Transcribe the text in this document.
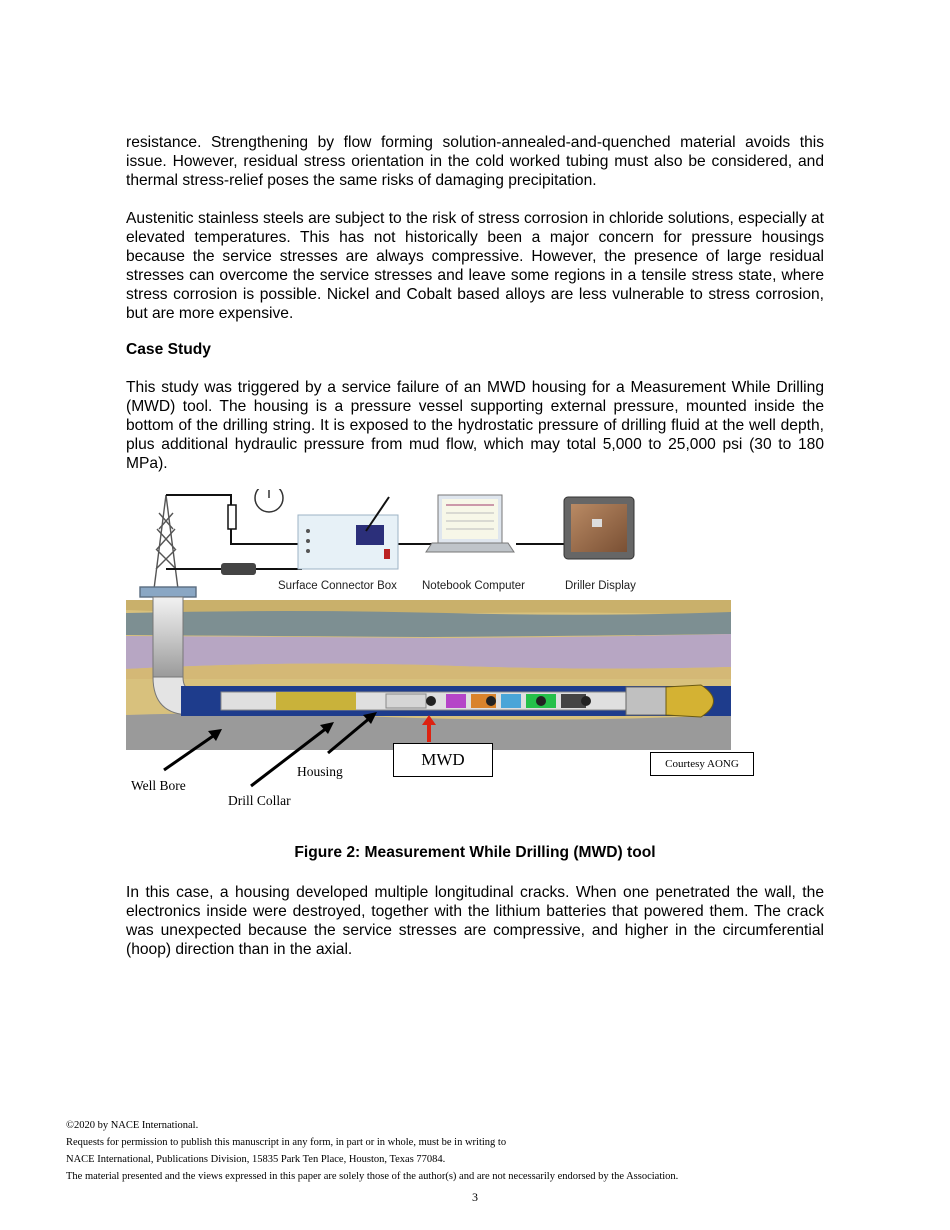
resistance. Strengthening by flow forming solution-annealed-and-quenched material avoids this issue. However, residual stress orientation in the cold worked tubing must also be considered, and thermal stress-relief poses the same risks of damaging precipitation.

Austenitic stainless steels are subject to the risk of stress corrosion in chloride solutions, especially at elevated temperatures. This has not historically been a major concern for pressure housings because the service stresses are always compressive. However, the presence of large residual stresses can overcome the service stresses and leave some regions in a tensile stress state, where stress corrosion is possible. Nickel and Cobalt based alloys are less vulnerable to stress corrosion, but are more expensive.

Case Study

This study was triggered by a service failure of an MWD housing for a Measurement While Drilling (MWD) tool. The housing is a pressure vessel supporting external pressure, mounted inside the bottom of the drilling string. It is exposed to the hydrostatic pressure of drilling fluid at the well depth, plus additional hydraulic pressure from mud flow, which may total 5,000 to 25,000 psi (30 to 180 MPa).

Surface Connector Box Notebook Computer	Driller Display
MWD	Courtesy AONG
Well Bore
Housing
Drill Collar
Figure 2: Measurement While Drilling (MWD) tool

In this case, a housing developed multiple longitudinal cracks. When one penetrated the wall, the electronics inside were destroyed, together with the lithium batteries that powered them. The crack was unexpected because the service stresses are compressive, and higher in the circumferential (hoop) direction than in the axial.

©2020 by NACE International.
Requests for permission to publish this manuscript in any form, in part or in whole, must be in writing to
NACE International, Publications Division, 15835 Park Ten Place, Houston, Texas 77084.
The material presented and the views expressed in this paper are solely those of the author(s) and are not necessarily endorsed by the Association.
3
